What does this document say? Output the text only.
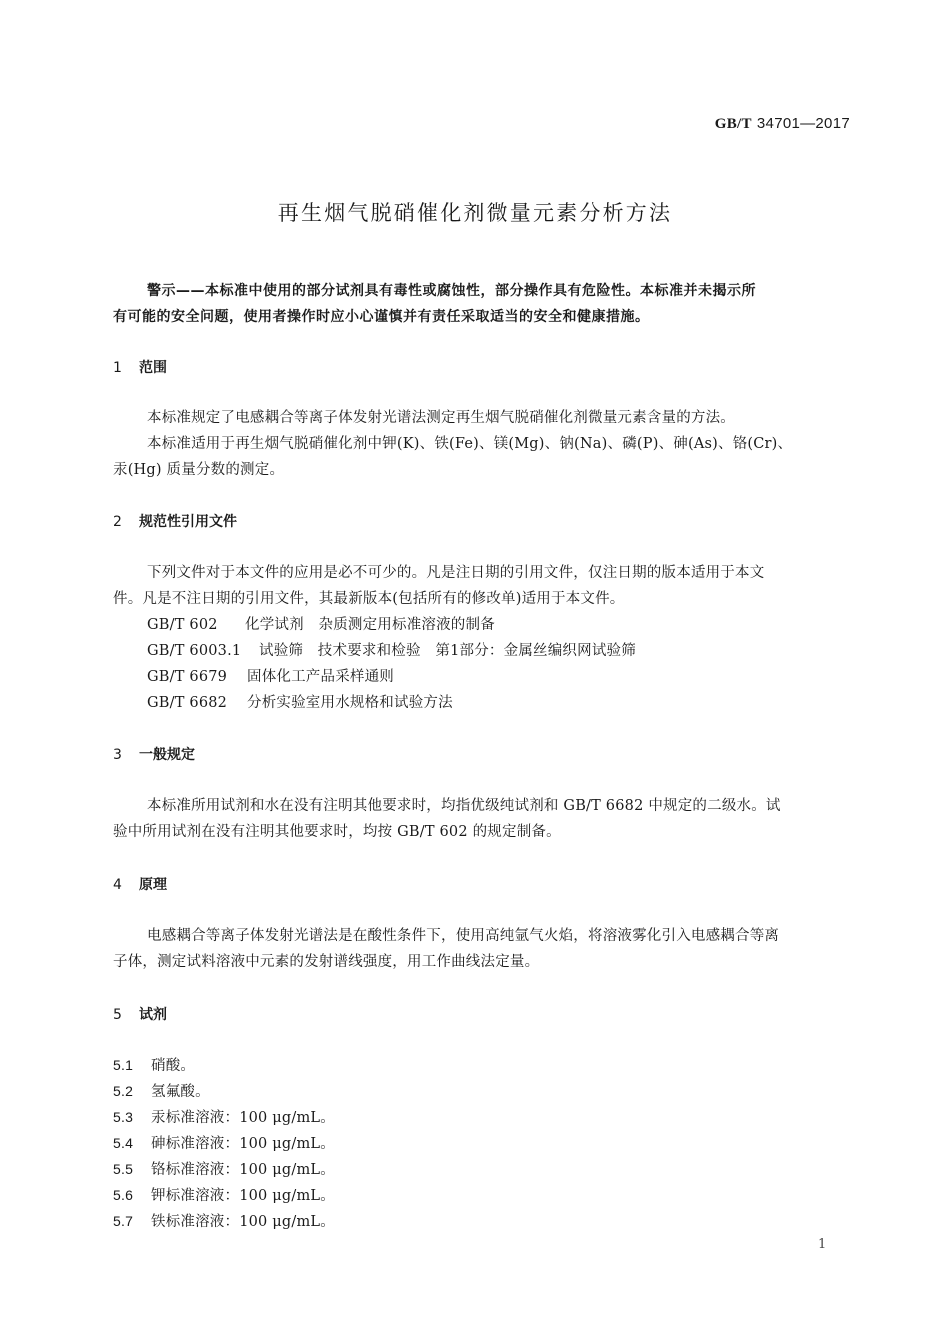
GB/T 34701—2017
再生烟气脱硝催化剂微量元素分析方法
警示——本标准中使用的部分试剂具有毒性或腐蚀性，部分操作具有危险性。本标准并未揭示所
有可能的安全问题，使用者操作时应小心谨慎并有责任采取适当的安全和健康措施。
1 范围
本标准规定了电感耦合等离子体发射光谱法测定再生烟气脱硝催化剂微量元素含量的方法。
本标准适用于再生烟气脱硝催化剂中钾(K)、铁(Fe)、镁(Mg)、钠(Na)、磷(P)、砷(As)、铬(Cr)、
汞(Hg) 质量分数的测定。
2 规范性引用文件
下列文件对于本文件的应用是必不可少的。凡是注日期的引用文件，仅注日期的版本适用于本文
件。凡是不注日期的引用文件，其最新版本(包括所有的修改单)适用于本文件。
GB/T 602 化学试剂　杂质测定用标准溶液的制备
GB/T 6003.1 试验筛　技术要求和检验　第1部分：金属丝编织网试验筛
GB/T 6679 固体化工产品采样通则
GB/T 6682 分析实验室用水规格和试验方法
3 一般规定
本标准所用试剂和水在没有注明其他要求时，均指优级纯试剂和 GB/T 6682 中规定的二级水。试
验中所用试剂在没有注明其他要求时，均按 GB/T 602 的规定制备。
4 原理
电感耦合等离子体发射光谱法是在酸性条件下，使用高纯氩气火焰，将溶液雾化引入电感耦合等离
子体，测定试料溶液中元素的发射谱线强度，用工作曲线法定量。
5 试剂
5.1 硝酸。
5.2 氢氟酸。
5.3 汞标准溶液：100 μg/mL。
5.4 砷标准溶液：100 μg/mL。
5.5 铬标准溶液：100 μg/mL。
5.6 钾标准溶液：100 μg/mL。
5.7 铁标准溶液：100 μg/mL。
1
